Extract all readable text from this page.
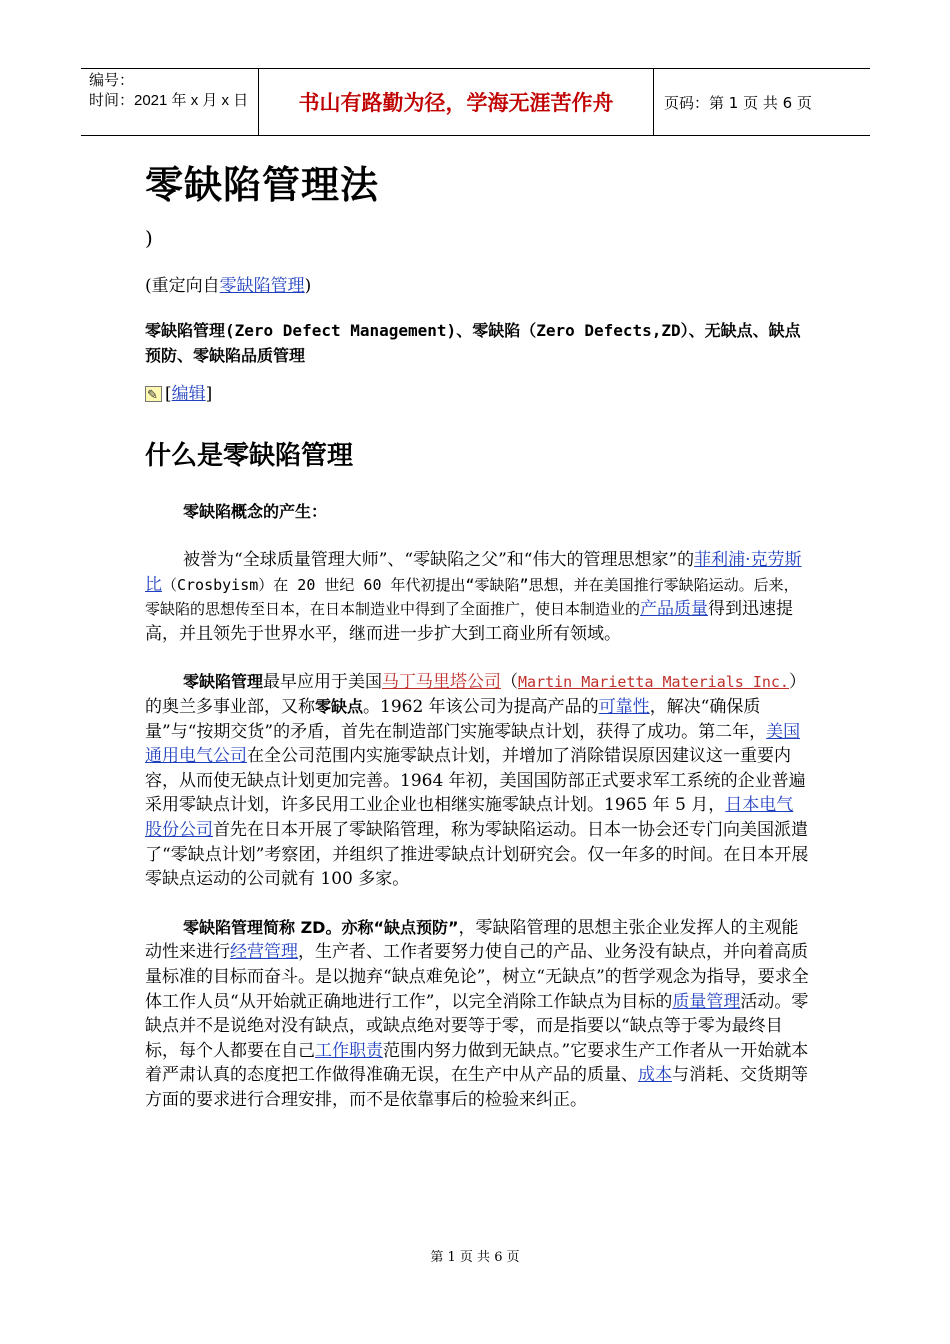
编号：
时间：2021 年 x 月 x 日	书山有路勤为径，学海无涯苦作舟	页码：第 1 页 共 6 页
零缺陷管理法
)
(重定向自零缺陷管理)
零缺陷管理(Zero Defect Management)、零缺陷（Zero Defects,ZD）、无缺点、缺点预防、零缺陷品质管理
✎
[ 编辑 ]
什么是零缺陷管理
零缺陷概念的产生：

被誉为“全球质量管理大师”、“零缺陷之父”和“伟大的管理思想家”的菲利浦·克劳斯比（Crosbyism）在 20 世纪 60 年代初提出“零缺陷”思想，并在美国推行零缺陷运动。后来，零缺陷的思想传至日本，在日本制造业中得到了全面推广，使日本制造业的产品质量得到迅速提高，并且领先于世界水平，继而进一步扩大到工商业所有领域。

零缺陷管理最早应用于美国马丁马里塔公司（Martin Marietta Materials Inc.）的奥兰多事业部，又称零缺点。1962 年该公司为提高产品的可靠性，解决“确保质量”与“按期交货”的矛盾，首先在制造部门实施零缺点计划，获得了成功。第二年，美国通用电气公司在全公司范围内实施零缺点计划，并增加了消除错误原因建议这一重要内容，从而使无缺点计划更加完善。1964 年初，美国国防部正式要求军工系统的企业普遍采用零缺点计划，许多民用工业企业也相继实施零缺点计划。1965 年 5 月，日本电气股份公司首先在日本开展了零缺陷管理，称为零缺陷运动。日本一协会还专门向美国派遣了“零缺点计划”考察团，并组织了推进零缺点计划研究会。仅一年多的时间。在日本开展零缺点运动的公司就有 100 多家。

零缺陷管理简称 ZD。亦称“缺点预防”，零缺陷管理的思想主张企业发挥人的主观能动性来进行经营管理，生产者、工作者要努力使自己的产品、业务没有缺点，并向着高质量标准的目标而奋斗。是以抛弃“缺点难免论”，树立“无缺点”的哲学观念为指导，要求全体工作人员“从开始就正确地进行工作”，以完全消除工作缺点为目标的质量管理活动。零缺点并不是说绝对没有缺点，或缺点绝对要等于零，而是指要以“缺点等于零为最终目标，每个人都要在自己工作职责范围内努力做到无缺点。”它要求生产工作者从一开始就本着严肃认真的态度把工作做得准确无误，在生产中从产品的质量、成本与消耗、交货期等方面的要求进行合理安排，而不是依靠事后的检验来纠正。

第 1 页 共 6 页
